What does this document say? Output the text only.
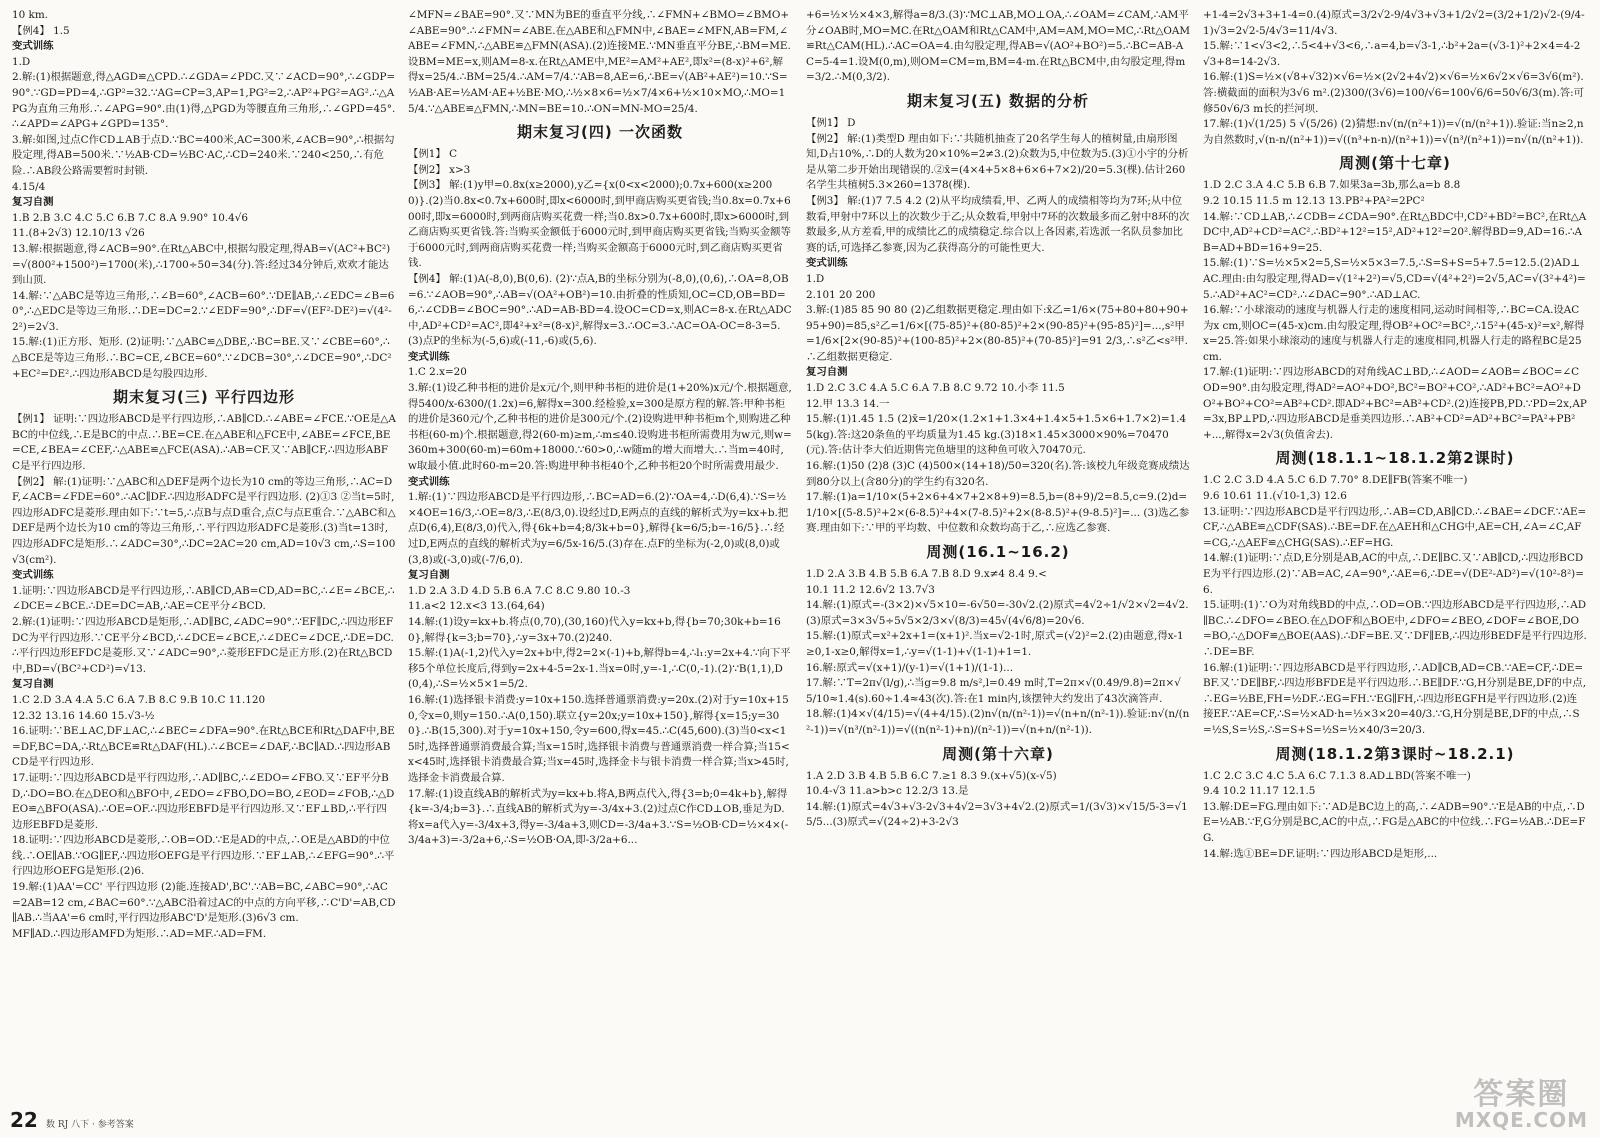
10 km.

【例4】 1.5

变式训练

1.D

2.解:(1)根据题意,得△AGD≌△CPD.∴∠GDA=∠PDC.又∵∠ACD=90°,∴∠GDP=90°.∵GD=PD=4,∴GP²=32.∵AG=CP=3,AP=1,PG²=2,∴AP²+PG²=AG².∴△APG为直角三角形.∴∠APG=90°.由(1)得,△PGD为等腰直角三角形,∴∠GPD=45°.∴∠APD=∠APG+∠GPD=135°.

3.解:如图,过点C作CD⊥AB于点D.∵BC=400米,AC=300米,∠ACB=90°,∴根据勾股定理,得AB=500米.∵½AB·CD=½BC·AC,∴CD=240米.∵240<250,∴有危险.∴AB段公路需要暂时封锁.

4.15/4

复习自测

1.B 2.B 3.C 4.C 5.C 6.B 7.C 8.A 9.90° 10.4√6

11.(8+2√3) 12.10/13 √26

13.解:根据题意,得∠ACB=90°.在Rt△ABC中,根据勾股定理,得AB=√(AC²+BC²)=√(800²+1500²)=1700(米),∴1700÷50=34(分).答:经过34分钟后,欢欢才能达到山顶.

14.解:∵△ABC是等边三角形,∴∠B=60°,∠ACB=60°.∵DE∥AB,∴∠EDC=∠B=60°,∴△EDC是等边三角形.∴DE=DC=2.∵∠EDF=90°,∴DF=√(EF²-DE²)=√(4²-2²)=2√3.

15.解:(1)正方形、矩形. (2)证明:∵△ABC≌△DBE,∴BC=BE.又∵∠CBE=60°,∴△BCE是等边三角形.∴BC=CE,∠BCE=60°.∵∠DCB=30°,∴∠DCE=90°,∴DC²+EC²=DE².∴四边形ABCD是勾股四边形.

期末复习(三) 平行四边形

【例1】 证明:∵四边形ABCD是平行四边形,∴AB∥CD.∴∠ABE=∠FCE.∵OE是△ABC的中位线,∴E是BC的中点.∴BE=CE.在△ABE和△FCE中,∠ABE=∠FCE,BE=CE,∠BEA=∠CEF,∴△ABE≌△FCE(ASA).∴AB=CF.又∵AB∥CF,∴四边形ABFC是平行四边形.

【例2】 解:(1)证明:∵△ABC和△DEF是两个边长为10 cm的等边三角形,∴AC=DF,∠ACB=∠FDE=60°.∴AC∥DF.∴四边形ADFC是平行四边形. (2)①3 ②当t=5时,四边形ADFC是菱形.理由如下:∵t=5,∴点B与点D重合,点C与点E重合.∵△ABC和△DEF是两个边长为10 cm的等边三角形,∴平行四边形ADFC是菱形.(3)当t=13时,四边形ADFC是矩形.∴∠ADC=30°,∴DC=2AC=20 cm,AD=10√3 cm,∴S=100√3(cm²).

变式训练

1.证明:∵四边形ABCD是平行四边形,∴AB∥CD,AB=CD,AD=BC,∴∠E=∠BCE,∴∠DCE=∠BCE.∴DE=DC=AB,∴AE=CE平分∠BCD.

2.解:(1)证明:∵四边形ABCD是矩形,∴AD∥BC,∠ADC=90°.∵EF∥DC,∴四边形EFDC为平行四边形.∵CE平分∠BCD,∴∠DCE=∠BCE,∴∠DEC=∠DCE,∴DE=DC.∴平行四边形EFDC是菱形.又∵∠ADC=90°,∴菱形EFDC是正方形.(2)在Rt△BCD中,BD=√(BC²+CD²)=√13.

复习自测

1.C 2.D 3.A 4.A 5.C 6.A 7.B 8.C 9.B 10.C 11.120

12.32 13.16 14.60 15.√3-½

16.证明:∵BE⊥AC,DF⊥AC,∴∠BEC=∠DFA=90°.在Rt△BCE和Rt△DAF中,BE=DF,BC=DA,∴Rt△BCE≌Rt△DAF(HL).∴∠BCE=∠DAF,∴BC∥AD.∴四边形ABCD是平行四边形.

17.证明:∵四边形ABCD是平行四边形,∴AD∥BC,∴∠EDO=∠FBO.又∵EF平分BD,∴DO=BO.在△DEO和△BFO中,∠EDO=∠FBO,DO=BO,∠EOD=∠FOB,∴△DEO≌△BFO(ASA).∴OE=OF.∴四边形EBFD是平行四边形.又∵EF⊥BD,∴平行四边形EBFD是菱形.

18.证明:∵四边形ABCD是菱形,∴OB=OD.∵E是AD的中点,∴OE是△ABD的中位线.∴OE∥AB.∵OG∥EF,∴四边形OEFG是平行四边形.∵EF⊥AB,∴∠EFG=90°.∴平行四边形OEFG是矩形.(2)6.

19.解:(1)AA'=CC' 平行四边形 (2)能.连接AD',BC'.∵AB=BC,∠ABC=90°,∴AC=2AB=12 cm,∠BAC=60°.∵△ABC沿着过AC的中点的方向平移,∴C'D'=AB,CD∥AB.∴当AA'=6 cm时,平行四边形ABC'D'是矩形.(3)6√3 cm.

MF∥AD.∴四边形AMFD为矩形.∴AD=MF.∴AD=FM.

∠MFN=∠BAE=90°.又∵MN为BE的垂直平分线,∴∠FMN+∠BMO=∠BMO+∠ABE=90°.∴∠FMN=∠ABE.在△ABE和△FMN中,∠BAE=∠MFN,AB=FM,∠ABE=∠FMN,∴△ABE≌△FMN(ASA).(2)连接ME.∵MN垂直平分BE,∴BM=ME.设BM=ME=x,则AM=8-x.在Rt△AME中,ME²=AM²+AE²,即x²=(8-x)²+6²,解得x=25/4.∴BM=25/4.∴AM=7/4.∵AB=8,AE=6,∴BE=√(AB²+AE²)=10.∵S=½AB·AE=½AM·AE+½BE·MO,∴½×8×6=½×7/4×6+½×10×MO,∴MO=15/4.∵△ABE≌△FMN,∴MN=BE=10.∴ON=MN-MO=25/4.

期末复习(四) 一次函数

【例1】 C

【例2】 x>3

【例3】 解:(1)y甲=0.8x(x≥2000),y乙={x(0<x<2000);0.7x+600(x≥2000)}.(2)当0.8x<0.7x+600时,即x<6000时,到甲商店购买更省钱;当0.8x=0.7x+600时,即x=6000时,到两商店购买花费一样;当0.8x>0.7x+600时,即x>6000时,到乙商店购买更省钱.答:当购买金额低于6000元时,到甲商店购买更省钱;当购买金额等于6000元时,到两商店购买花费一样;当购买金额高于6000元时,到乙商店购买更省钱.

【例4】 解:(1)A(-8,0),B(0,6). (2)∵点A,B的坐标分别为(-8,0),(0,6),∴OA=8,OB=6.∵∠AOB=90°,∴AB=√(OA²+OB²)=10.由折叠的性质知,OC=CD,OB=BD=6,∴∠CDB=∠BOC=90°.∴AD=AB-BD=4.设OC=CD=x,则AC=8-x.在Rt△ADC中,AD²+CD²=AC²,即4²+x²=(8-x)²,解得x=3.∴OC=3.∴AC=OA-OC=8-3=5.(3)点P的坐标为(-5,6)或(-11,-6)或(5,6).

变式训练

1.C 2.x=20

3.解:(1)设乙种书柜的进价是x元/个,则甲种书柜的进价是(1+20%)x元/个.根据题意,得5400/x-6300/(1.2x)=6,解得x=300.经检验,x=300是原方程的解.答:甲种书柜的进价是360元/个,乙种书柜的进价是300元/个.(2)设购进甲种书柜m个,则购进乙种书柜(60-m)个.根据题意,得2(60-m)≥m,∴m≤40.设购进书柜所需费用为w元,则w=360m+300(60-m)=60m+18000.∵60>0,∴w随m的增大而增大.∴当m=40时,w取最小值.此时60-m=20.答:购进甲种书柜40个,乙种书柜20个时所需费用最少.

变式训练

1.解:(1)∵四边形ABCD是平行四边形,∴BC=AD=6.(2)∵OA=4,∴D(6,4).∵S=½×4OE=16/3,∴OE=8/3,∴E(8/3,0).设经过D,E两点的直线的解析式为y=kx+b.把点D(6,4),E(8/3,0)代入,得{6k+b=4;8/3k+b=0},解得{k=6/5;b=-16/5}.∴经过D,E两点的直线的解析式为y=6/5x-16/5.(3)存在.点F的坐标为(-2,0)或(8,0)或(3,8)或(-3,0)或(-7/6,0).

复习自测

1.D 2.A 3.D 4.D 5.B 6.A 7.C 8.C 9.80 10.-3

11.a<2 12.x<3 13.(64,64)

14.解:(1)设y=kx+b.将点(0,70),(30,160)代入y=kx+b,得{b=70;30k+b=160},解得{k=3;b=70},∴y=3x+70.(2)240.

15.解:(1)A(-1,2)代入y=2x+b中,得2=2×(-1)+b,解得b=4,∴l₁:y=2x+4.∵向下平移5个单位长度后,得到y=2x+4-5=2x-1.当x=0时,y=-1,∴C(0,-1).(2)∵B(1,1),D(0,4),∴S=½×5×1=5/2.

16.解:(1)选择银卡消费:y=10x+150.选择普通票消费:y=20x.(2)对于y=10x+150,令x=0,则y=150.∴A(0,150).联立{y=20x;y=10x+150},解得{x=15;y=300}.∴B(15,300).对于y=10x+150,令y=600,得x=45.∴C(45,600).(3)当0<x<15时,选择普通票消费最合算;当x=15时,选择银卡消费与普通票消费一样合算;当15<x<45时,选择银卡消费最合算;当x=45时,选择金卡与银卡消费一样合算;当x>45时,选择金卡消费最合算.

17.解:(1)设直线AB的解析式为y=kx+b.将A,B两点代入,得{3=b;0=4k+b},解得{k=-3/4;b=3}.∴直线AB的解析式为y=-3/4x+3.(2)过点C作CD⊥OB,垂足为D.将x=a代入y=-3/4x+3,得y=-3/4a+3,则CD=-3/4a+3.∵S=½OB·CD=½×4×(-3/4a+3)=-3/2a+6,∴S=½OB·OA,即-3/2a+6...

+6=½×½×4×3,解得a=8/3.(3)∵MC⊥AB,MO⊥OA,∴∠OAM=∠CAM,∴AM平分∠OAB时,MO=MC.在Rt△OAM和Rt△CAM中,AM=AM,MO=MC,∴Rt△OAM≌Rt△CAM(HL).∴AC=OA=4.由勾股定理,得AB=√(AO²+BO²)=5.∴BC=AB-AC=5-4=1.设M(0,m),则OM=CM=m,BM=4-m.在Rt△BCM中,由勾股定理,得m=3/2.∴M(0,3/2).

期末复习(五) 数据的分析

【例1】 D

【例2】 解:(1)类型D 理由如下:∵共随机抽查了20名学生每人的植树量,由扇形图知,D占10%,∴D的人数为20×10%=2≠3.(2)众数为5,中位数为5.(3)①小宇的分析是从第二步开始出现错误的.②x̄=(4×4+5×8+6×6+7×2)/20=5.3(棵).估计260名学生共植树5.3×260=1378(棵).

【例3】 解:(1)7 7.5 4.2 (2)从平均成绩看,甲、乙两人的成绩相等均为7环;从中位数看,甲射中7环以上的次数少于乙;从众数看,甲射中7环的次数最多而乙射中8环的次数最多,从方差看,甲的成绩比乙的成绩稳定.综合以上各因素,若选派一名队员参加比赛的话,可选择乙参赛,因为乙获得高分的可能性更大.

变式训练

1.D

2.101 20 200

3.解:(1)85 85 90 80 (2)乙组数据更稳定.理由如下:x̄乙=1/6×(75+80+80+90+95+90)=85,s²乙=1/6×[(75-85)²+(80-85)²+2×(90-85)²+(95-85)²]=...,s²甲=1/6×[2×(90-85)²+(100-85)²+2×(80-85)²+(70-85)²]=91 2/3,∴s²乙<s²甲.∴乙组数据更稳定.

复习自测

1.D 2.C 3.C 4.A 5.C 6.A 7.B 8.C 9.72 10.小李 11.5

12.甲 13.3 14.一

15.解:(1)1.45 1.5 (2)x̄=1/20×(1.2×1+1.3×4+1.4×5+1.5×6+1.7×2)=1.45(kg).答:这20条鱼的平均质量为1.45 kg.(3)18×1.45×3000×90%=70470(元).答:估计李大伯近期售完鱼塘里的这种鱼可收入70470元.

16.解:(1)50 (2)8 (3)C (4)500×(14+18)/50=320(名).答:该校九年级竞赛成绩达到80分以上(含80分)的学生约有320名.

17.解:(1)a=1/10×(5+2×6+4×7+2×8+9)=8.5,b=(8+9)/2=8.5,c=9.(2)d=1/10×[(5-8.5)²+2×(6-8.5)²+4×(7-8.5)²+2×(8-8.5)²+(9-8.5)²]=... (3)选乙参赛.理由如下:∵甲的平均数、中位数和众数均高于乙,∴应选乙参赛.

周测(16.1~16.2)

1.D 2.A 3.B 4.B 5.B 6.A 7.B 8.D 9.x≠4 8.4 9.<

10.1 11.2 12.6√2 13.7√3

14.解:(1)原式=-(3×2)×√5×10=-6√50=-30√2.(2)原式=4√2÷1/√2×√2=4√2.(3)原式=3×3√5÷5√5×2/3×√(8/3)=45√(4√6/8)=20√6.

15.解:(1)原式=x²+2x+1=(x+1)².当x=√2-1时,原式=(√2)²=2.(2)由题意,得x-1≥0,1-x≥0,解得x=1,∴y=√(1-1)+√(1-1)+1=1.

16.解:原式=√(x+1)/(y-1)=√(1+1)/(1-1)...

17.解:∵T=2π√(l/g),∴当g=9.8 m/s²,l=0.49 m时,T=2π×√(0.49/9.8)=2π×√5/10≈1.4(s).60÷1.4≈43(次).答:在1 min内,该摆钟大约发出了43次滴答声.

18.解:(1)4×√(4/15)=√(4+4/15).(2)n√(n/(n²-1))=√(n+n/(n²-1)).验证:n√(n/(n²-1))=√(n³/(n²-1))=√((n(n²-1)+n)/(n²-1))=√(n+n/(n²-1)).

周测(第十六章)

1.A 2.D 3.B 4.B 5.B 6.C 7.≥1 8.3 9.(x+√5)(x-√5)

10.4-√3 11.a>b>c 12.2/3 13.是

14.解:(1)原式=4√3+√3-2√3+4√2=3√3+4√2.(2)原式=1/(3√3)×√15/5-3=√15/5...(3)原式=√(24÷2)+3-2√3

+1-4=2√3+3+1-4=0.(4)原式=3/2√2-9/4√3+√3+1/2√2=(3/2+1/2)√2-(9/4-1)√3=2√2-5/4√3=11/4√3.

15.解:∵1<√3<2,∴5<4+√3<6,∴a=4,b=√3-1,∴b²+2a=(√3-1)²+2×4=4-2√3+8=14-2√3.

16.解:(1)S=½×(√8+√32)×√6=½×(2√2+4√2)×√6=½×6√2×√6=3√6(m²).答:横截面的面积为3√6 m².(2)300/(3√6)=100/√6=100√6/6=50√6/3(m).答:可修50√6/3 m长的拦河坝.

17.解:(1)√(1/25) 5 √(5/26) (2)猜想:n√(n/(n²+1))=√(n/(n²+1)).验证:当n≥2,n为自然数时,√(n-n/(n²+1))=√((n³+n-n)/(n²+1))=√(n³/(n²+1))=n√(n/(n²+1)).

周测(第十七章)

1.D 2.C 3.A 4.C 5.B 6.B 7.如果3a=3b,那么a=b 8.8

9.2 10.15 11.5 m 12.13 13.PB²+PA²=2PC²

14.解:∵CD⊥AB,∴∠CDB=∠CDA=90°.在Rt△BDC中,CD²+BD²=BC²,在Rt△ADC中,AD²+CD²=AC².∴BD²+12²=15²,AD²+12²=20².解得BD=9,AD=16.∴AB=AD+BD=16+9=25.

15.解:(1)∵S=½×5×2=5,S=½×5×3=7.5,∴S=S+S=5+7.5=12.5.(2)AD⊥AC.理由:由勾股定理,得AD=√(1²+2²)=√5,CD=√(4²+2²)=2√5,AC=√(3²+4²)=5.∴AD²+AC²=CD².∴∠DAC=90°.∴AD⊥AC.

16.解:∵小球滚动的速度与机器人行走的速度相同,运动时间相等,∴BC=CA.设AC为x cm,则OC=(45-x)cm.由勾股定理,得OB²+OC²=BC²,∴15²+(45-x)²=x²,解得x=25.答:如果小球滚动的速度与机器人行走的速度相同,机器人行走的路程BC是25 cm.

17.解:(1)证明:∵四边形ABCD的对角线AC⊥BD,∴∠AOD=∠AOB=∠BOC=∠COD=90°.由勾股定理,得AD²=AO²+DO²,BC²=BO²+CO²,∴AD²+BC²=AO²+DO²+BO²+CO²=AB²+CD².即AD²+BC²=AB²+CD².(2)连接PB,PD.∵PD=2x,AP=3x,BP⊥PD,∴四边形ABCD是垂美四边形.∴AB²+CD²=AD²+BC²=PA²+PB²+...,解得x=2√3(负值舍去).

周测(18.1.1~18.1.2第2课时)

1.C 2.C 3.D 4.A 5.C 6.D 7.70° 8.DE∥FB(答案不唯一)

9.6 10.61 11.(√10-1,3) 12.6

13.证明:∵四边形ABCD是平行四边形,∴AB=CD,AB∥CD.∴∠BAE=∠DCF.∵AE=CF,∴△ABE≌△CDF(SAS).∴BE=DF.在△AEH和△CHG中,AE=CH,∠A=∠C,AF=CG,∴△AEF≌△CHG(SAS).∴EF=HG.

14.解:(1)证明:∵点D,E分别是AB,AC的中点,∴DE∥BC.又∵AB∥CD,∴四边形BCDE为平行四边形.(2)∵AB=AC,∠A=90°,∴AE=6,∴DE=√(DE²-AD²)=√(10²-8²)=6.

15.证明:(1)∵O为对角线BD的中点,∴OD=OB.∵四边形ABCD是平行四边形,∴AD∥BC.∴∠DFO=∠BEO.在△DOF和△BOE中,∠DFO=∠BEO,∠DOF=∠BOE,DO=BO,∴△DOF≌△BOE(AAS).∴DF=BE.又∵DF∥EB,∴四边形BEDF是平行四边形.∴DE=BF.

16.解:(1)证明:∵四边形ABCD是平行四边形,∴AD∥CB,AD=CB.∵AE=CF,∴DE=BF.又∵DE∥BF,∴四边形BFDE是平行四边形.∴BE∥DF.∵G,H分别是BE,DF的中点,∴EG=½BE,FH=½DF.∴EG=FH.∵EG∥FH,∴四边形EGFH是平行四边形.(2)连接EF.∵AE=CF,∴S=½×AD·h=½×3×20=40/3.∵G,H分别是BE,DF的中点,∴S=½S,S=½S,∴S=S+S=½S=½×40/3=20/3.

周测(18.1.2第3课时~18.2.1)

1.C 2.C 3.C 4.C 5.A 6.C 7.1.3 8.AD⊥BD(答案不唯一)

9.4 10.2 11.17 12.1.5

13.解:DE=FG.理由如下:∵AD是BC边上的高,∴∠ADB=90°.∵E是AB的中点,∴DE=½AB.∵F,G分别是BC,AC的中点,∴FG是△ABC的中位线.∴FG=½AB.∴DE=FG.

14.解:选①BE=DF.证明:∵四边形ABCD是矩形,...

22 数 RJ 八下 · 参考答案
答案圈
MXQE.COM
